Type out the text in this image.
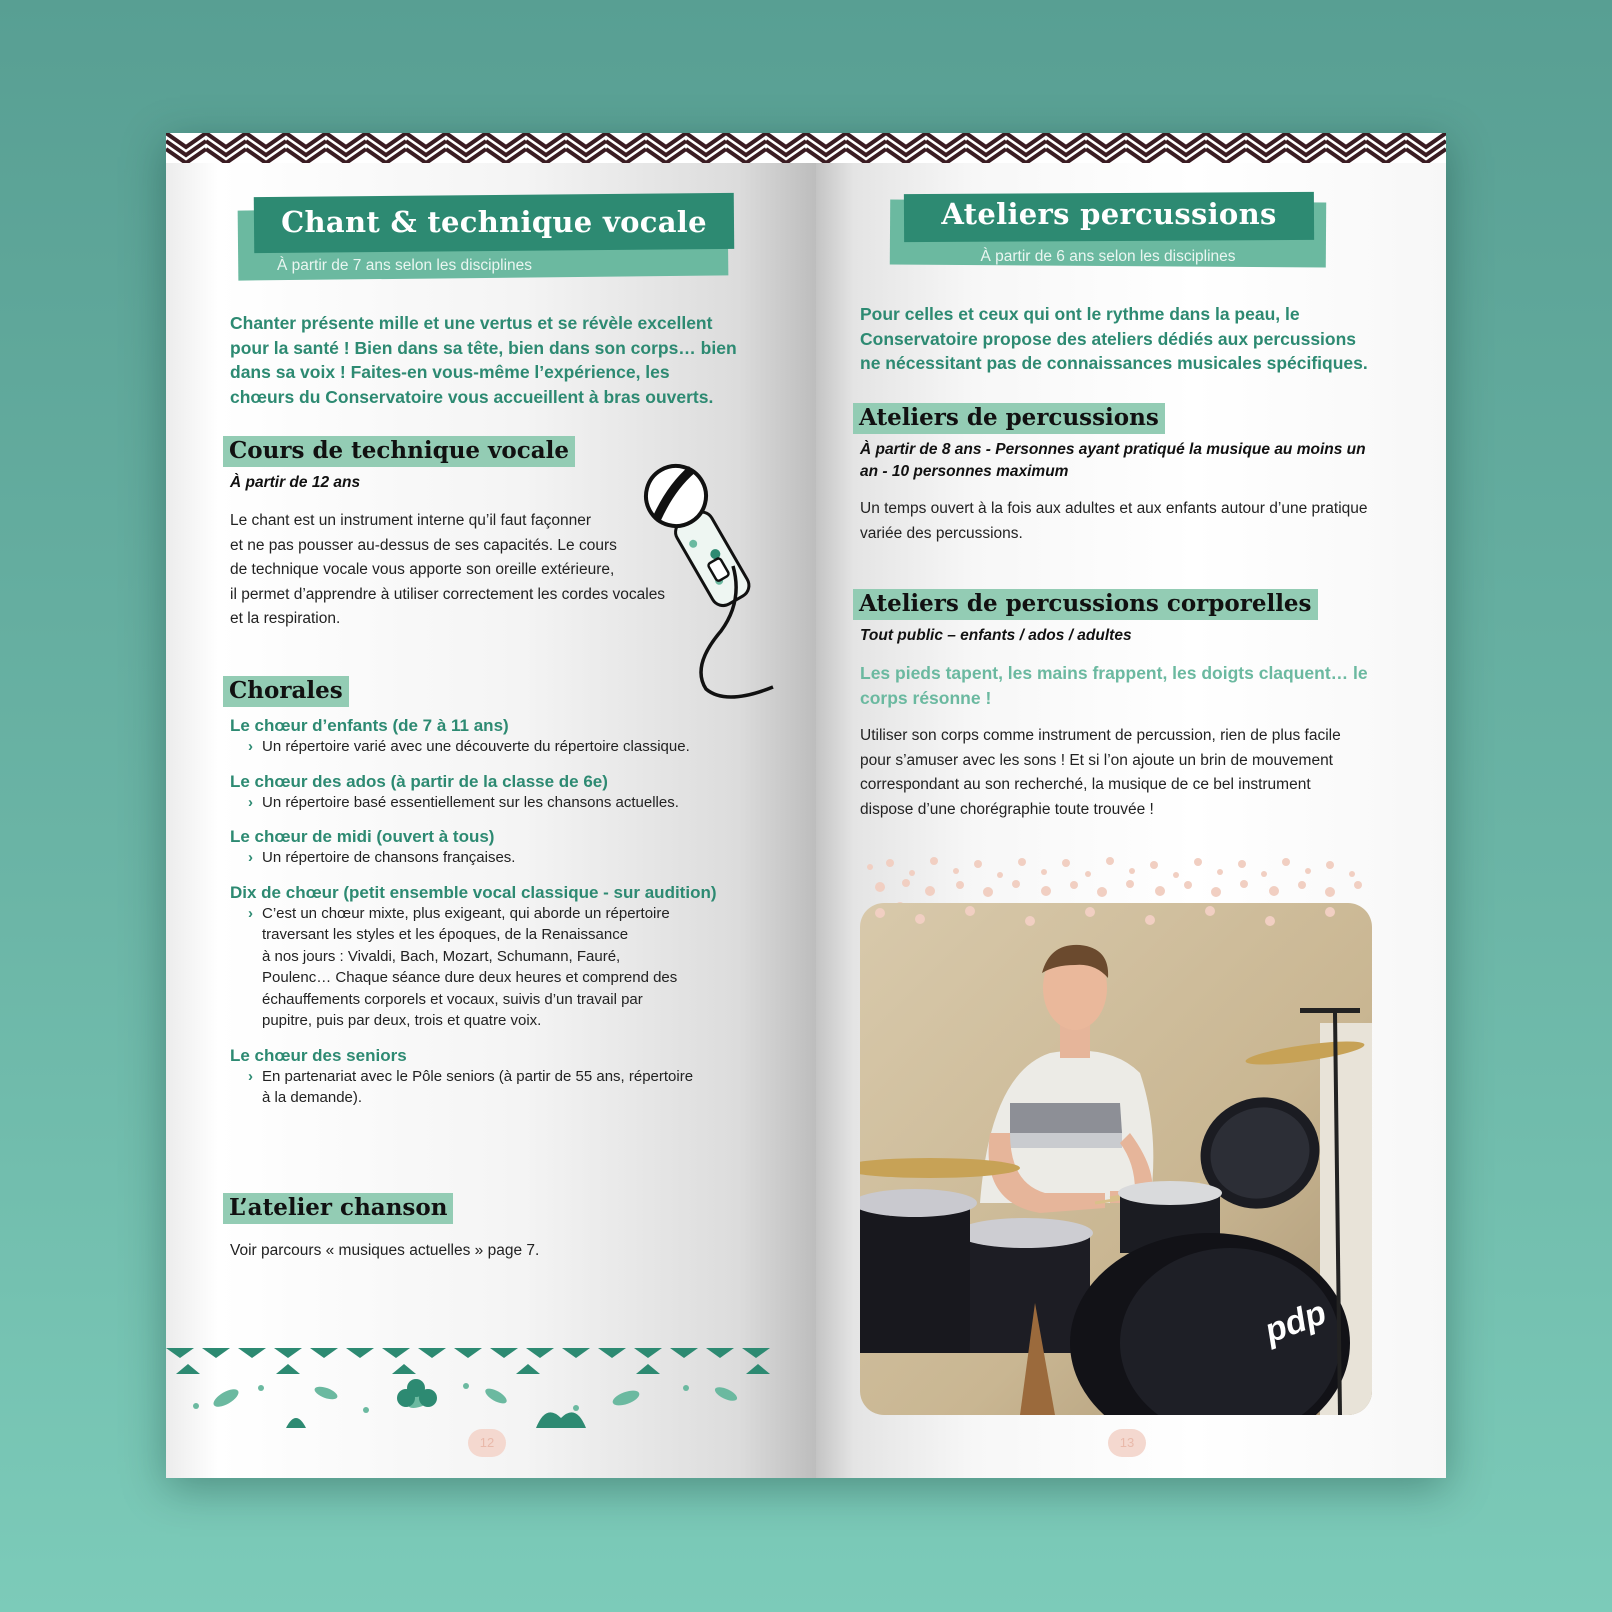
Chant & technique vocale
À partir de 7 ans selon les disciplines
Chanter présente mille et une vertus et se révèle excellent pour la santé ! Bien dans sa tête, bien dans son corps… bien dans sa voix ! Faites-en vous-même l’expérience, les chœurs du Conservatoire vous accueillent à bras ouverts.
Cours de technique vocale
À partir de 12 ans
Le chant est un instrument interne qu’il faut façonner
et ne pas pousser au-dessus de ses capacités. Le cours
de technique vocale vous apporte son oreille extérieure,
il permet d’apprendre à utiliser correctement les cordes vocales
et la respiration.
Chorales
Le chœur d’enfants (de 7 à 11 ans)
› Un répertoire varié avec une découverte du répertoire classique.
Le chœur des ados (à partir de la classe de 6e)
› Un répertoire basé essentiellement sur les chansons actuelles.
Le chœur de midi (ouvert à tous)
› Un répertoire de chansons françaises.
Dix de chœur (petit ensemble vocal classique - sur audition)
› C’est un chœur mixte, plus exigeant, qui aborde un répertoire
traversant les styles et les époques, de la Renaissance
à nos jours : Vivaldi, Bach, Mozart, Schumann, Fauré,
Poulenc… Chaque séance dure deux heures et comprend des
échauffements corporels et vocaux, suivis d’un travail par
pupitre, puis par deux, trois et quatre voix.
Le chœur des seniors
› En partenariat avec le Pôle seniors (à partir de 55 ans, répertoire
à la demande).
L’atelier chanson
Voir parcours « musiques actuelles » page 7.
12
Ateliers percussions
À partir de 6 ans selon les disciplines
Pour celles et ceux qui ont le rythme dans la peau, le Conservatoire propose des ateliers dédiés aux percussions ne nécessitant pas de connaissances musicales spécifiques.
Ateliers de percussions
À partir de 8 ans - Personnes ayant pratiqué la musique au moins un an - 10 personnes maximum
Un temps ouvert à la fois aux adultes et aux enfants autour d’une pratique variée des percussions.
Ateliers de percussions corporelles
Tout public – enfants / ados / adultes
Les pieds tapent, les mains frappent, les doigts claquent… le corps résonne !
Utiliser son corps comme instrument de percussion, rien de plus facile pour s’amuser avec les sons ! Et si l’on ajoute un brin de mouvement correspondant au son recherché, la musique de ce bel instrument dispose d’une chorégraphie toute trouvée !
pdp
13
